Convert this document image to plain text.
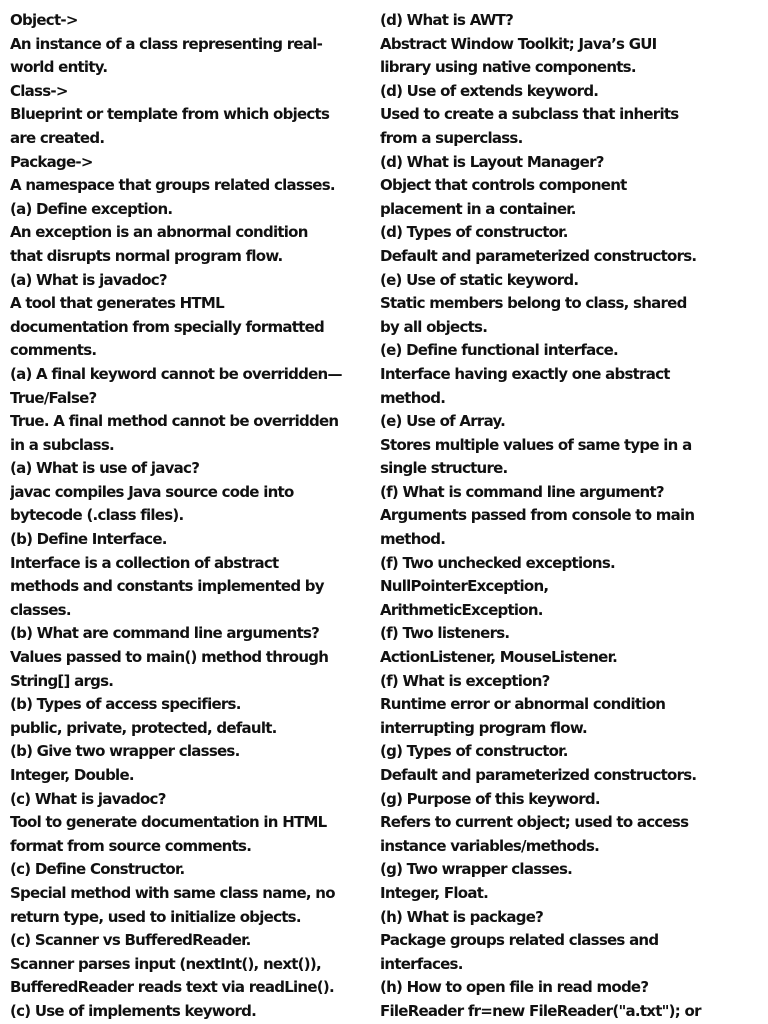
Object->
An instance of a class representing real-
world entity.
Class->
Blueprint or template from which objects
are created.
Package->
A namespace that groups related classes.
(a) Define exception.
An exception is an abnormal condition
that disrupts normal program flow.
(a) What is javadoc?
A tool that generates HTML
documentation from specially formatted
comments.
(a) A final keyword cannot be overridden—
True/False?
True. A final method cannot be overridden
in a subclass.
(a) What is use of javac?
javac compiles Java source code into
bytecode (.class files).
(b) Define Interface.
Interface is a collection of abstract
methods and constants implemented by
classes.
(b) What are command line arguments?
Values passed to main() method through
String[] args.
(b) Types of access specifiers.
public, private, protected, default.
(b) Give two wrapper classes.
Integer, Double.
(c) What is javadoc?
Tool to generate documentation in HTML
format from source comments.
(c) Define Constructor.
Special method with same class name, no
return type, used to initialize objects.
(c) Scanner vs BufferedReader.
Scanner parses input (nextInt(), next()),
BufferedReader reads text via readLine().
(c) Use of implements keyword.
(d) What is AWT?
Abstract Window Toolkit; Java’s GUI
library using native components.
(d) Use of extends keyword.
Used to create a subclass that inherits
from a superclass.
(d) What is Layout Manager?
Object that controls component
placement in a container.
(d) Types of constructor.
Default and parameterized constructors.
(e) Use of static keyword.
Static members belong to class, shared
by all objects.
(e) Define functional interface.
Interface having exactly one abstract
method.
(e) Use of Array.
Stores multiple values of same type in a
single structure.
(f) What is command line argument?
Arguments passed from console to main
method.
(f) Two unchecked exceptions.
NullPointerException,
ArithmeticException.
(f) Two listeners.
ActionListener, MouseListener.
(f) What is exception?
Runtime error or abnormal condition
interrupting program flow.
(g) Types of constructor.
Default and parameterized constructors.
(g) Purpose of this keyword.
Refers to current object; used to access
instance variables/methods.
(g) Two wrapper classes.
Integer, Float.
(h) What is package?
Package groups related classes and
interfaces.
(h) How to open file in read mode?
FileReader fr=new FileReader("a.txt"); or
